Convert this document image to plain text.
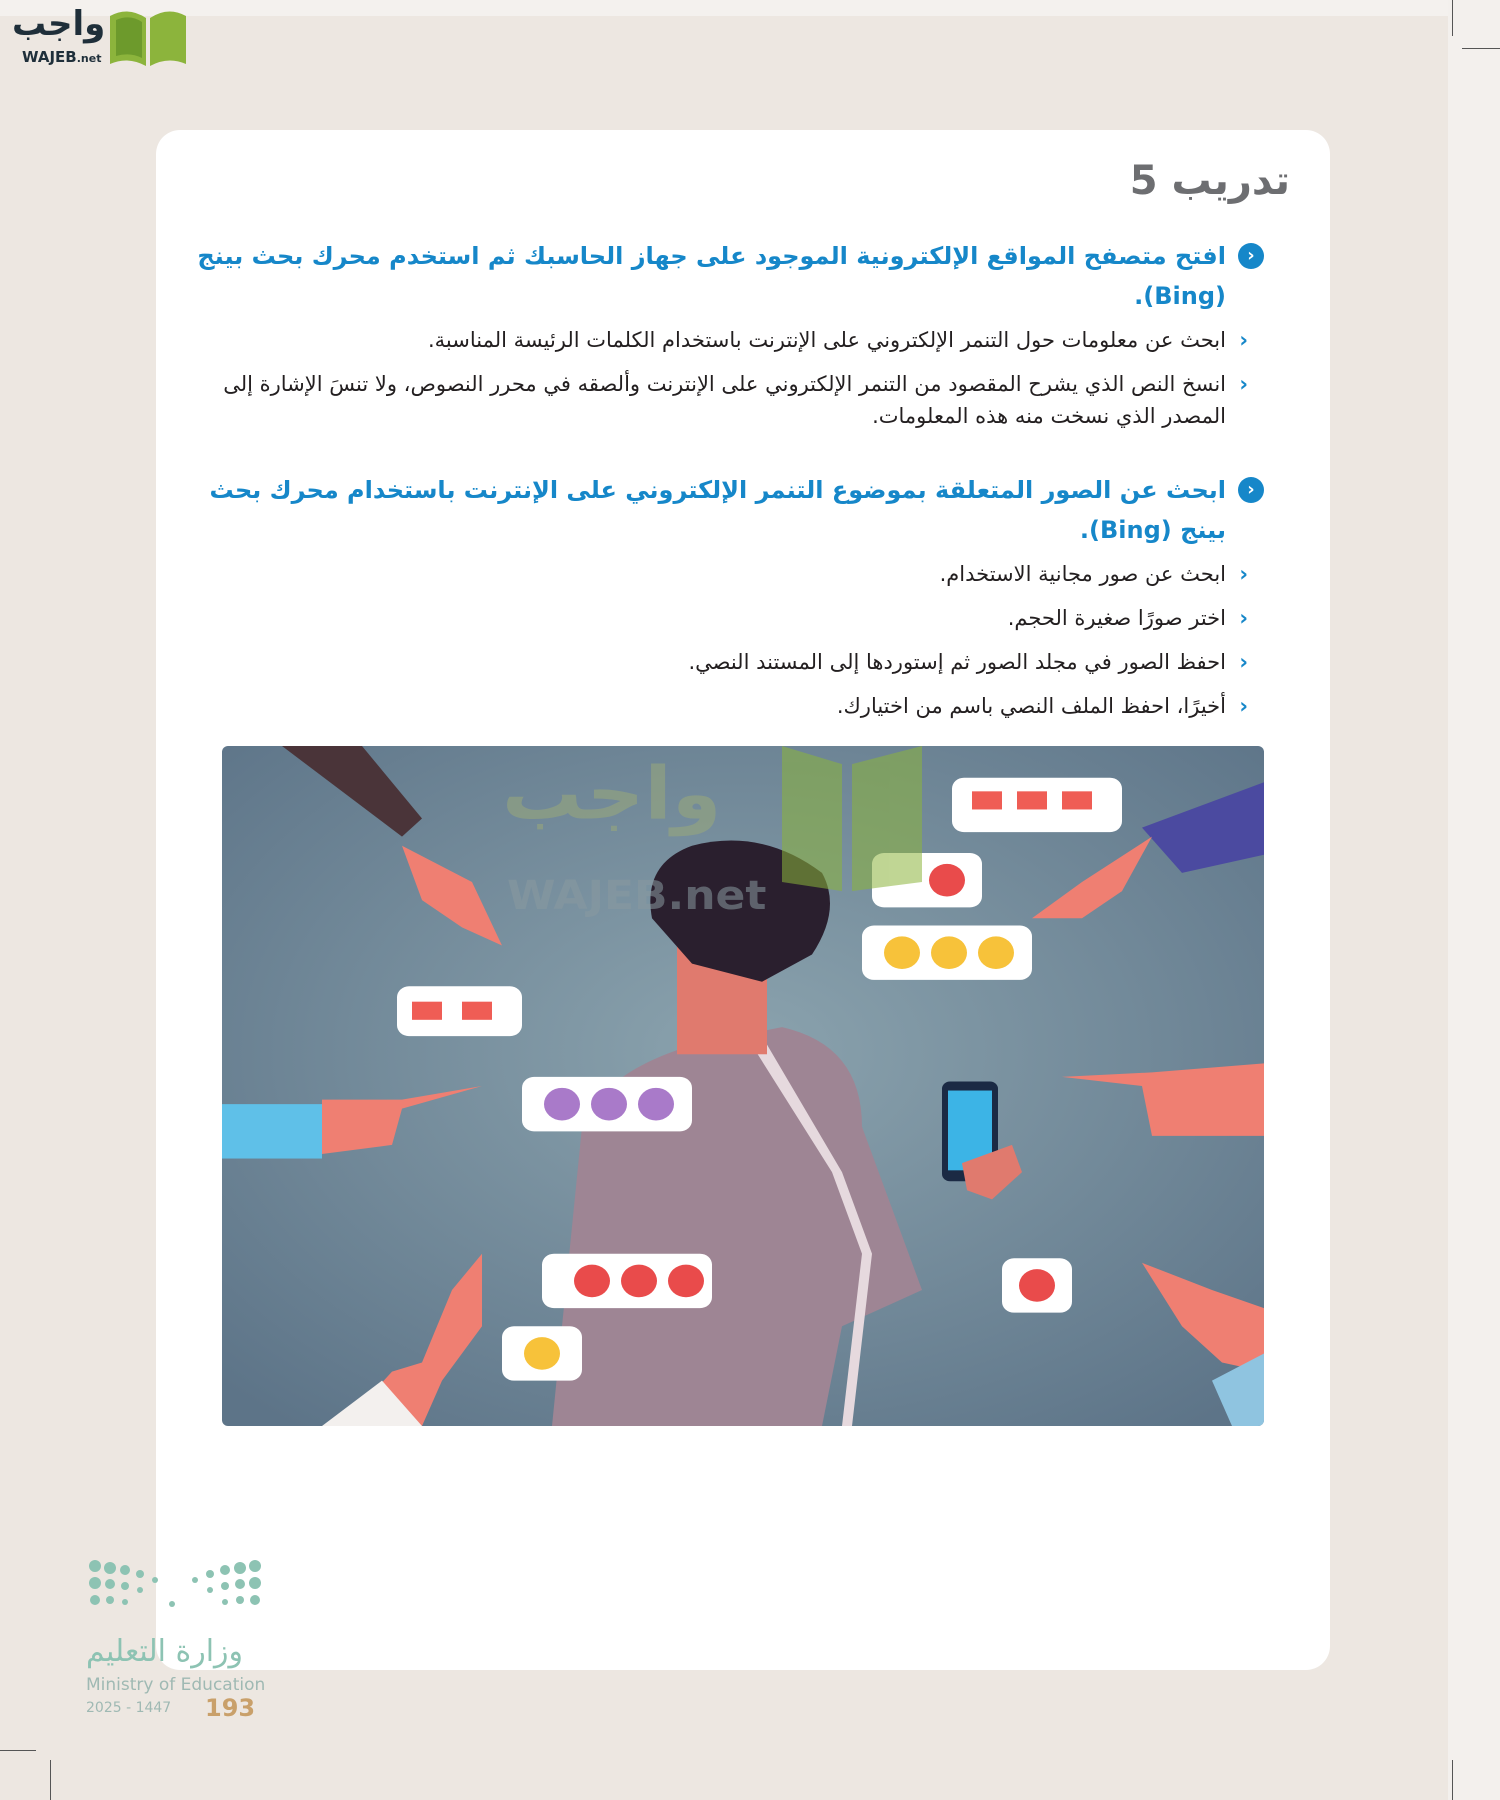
واجب
WAJEB.net
تدريب 5
‹
افتح متصفح المواقع الإلكترونية الموجود على جهاز الحاسبك ثم استخدم محرك بحث بينج (Bing).
‹
ابحث عن معلومات حول التنمر الإلكتروني على الإنترنت باستخدام الكلمات الرئيسة المناسبة.
‹
انسخ النص الذي يشرح المقصود من التنمر الإلكتروني على الإنترنت وألصقه في محرر النصوص، ولا تنسَ الإشارة إلى المصدر الذي نسخت منه هذه المعلومات.
‹
ابحث عن الصور المتعلقة بموضوع التنمر الإلكتروني على الإنترنت باستخدام محرك بحث بينج (Bing).
‹
ابحث عن صور مجانية الاستخدام.
‹
اختر صورًا صغيرة الحجم.
‹
احفظ الصور في مجلد الصور ثم إستوردها إلى المستند النصي.
‹
أخيرًا، احفظ الملف النصي باسم من اختيارك.
واجب
WAJEB.net
وزارة التعليم
Ministry of Education
2025 - 1447 193
